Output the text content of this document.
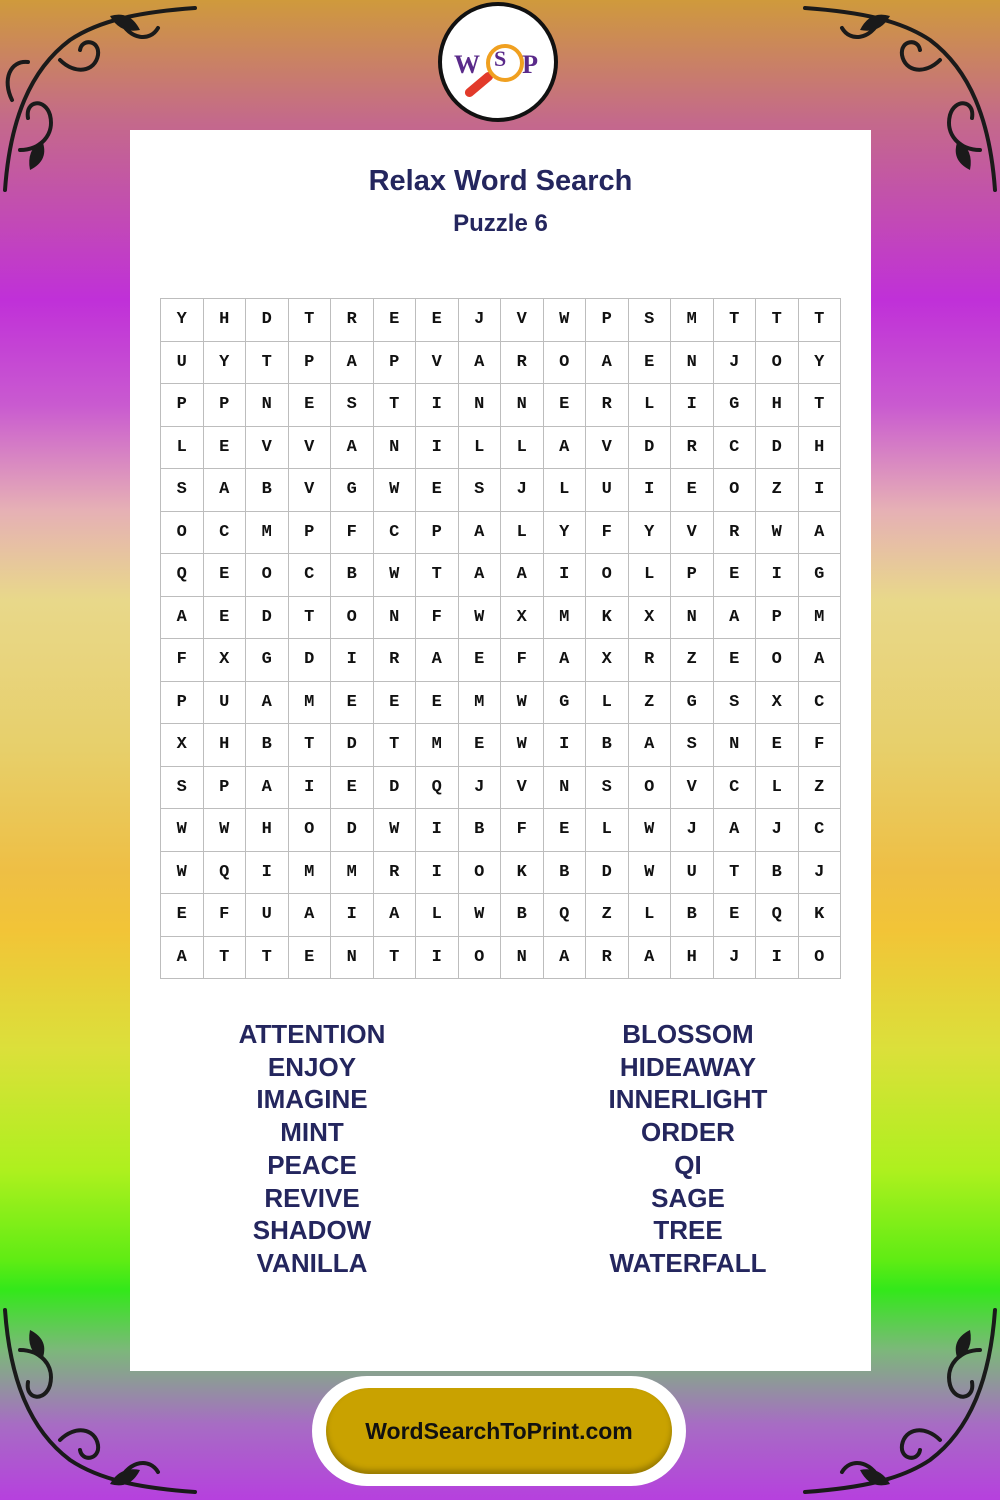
W S P
Relax Word Search
Puzzle 6
Y	H	D	T	R	E	E	J	V	W	P	S	M	T	T	T
U	Y	T	P	A	P	V	A	R	O	A	E	N	J	O	Y
P	P	N	E	S	T	I	N	N	E	R	L	I	G	H	T
L	E	V	V	A	N	I	L	L	A	V	D	R	C	D	H
S	A	B	V	G	W	E	S	J	L	U	I	E	O	Z	I
O	C	M	P	F	C	P	A	L	Y	F	Y	V	R	W	A
Q	E	O	C	B	W	T	A	A	I	O	L	P	E	I	G
A	E	D	T	O	N	F	W	X	M	K	X	N	A	P	M
F	X	G	D	I	R	A	E	F	A	X	R	Z	E	O	A
P	U	A	M	E	E	E	M	W	G	L	Z	G	S	X	C
X	H	B	T	D	T	M	E	W	I	B	A	S	N	E	F
S	P	A	I	E	D	Q	J	V	N	S	O	V	C	L	Z
W	W	H	O	D	W	I	B	F	E	L	W	J	A	J	C
W	Q	I	M	M	R	I	O	K	B	D	W	U	T	B	J
E	F	U	A	I	A	L	W	B	Q	Z	L	B	E	Q	K
A	T	T	E	N	T	I	O	N	A	R	A	H	J	I	O
ATTENTION
ENJOY
IMAGINE
MINT
PEACE
REVIVE
SHADOW
VANILLA
BLOSSOM
HIDEAWAY
INNERLIGHT
ORDER
QI
SAGE
TREE
WATERFALL
WordSearchToPrint.com
